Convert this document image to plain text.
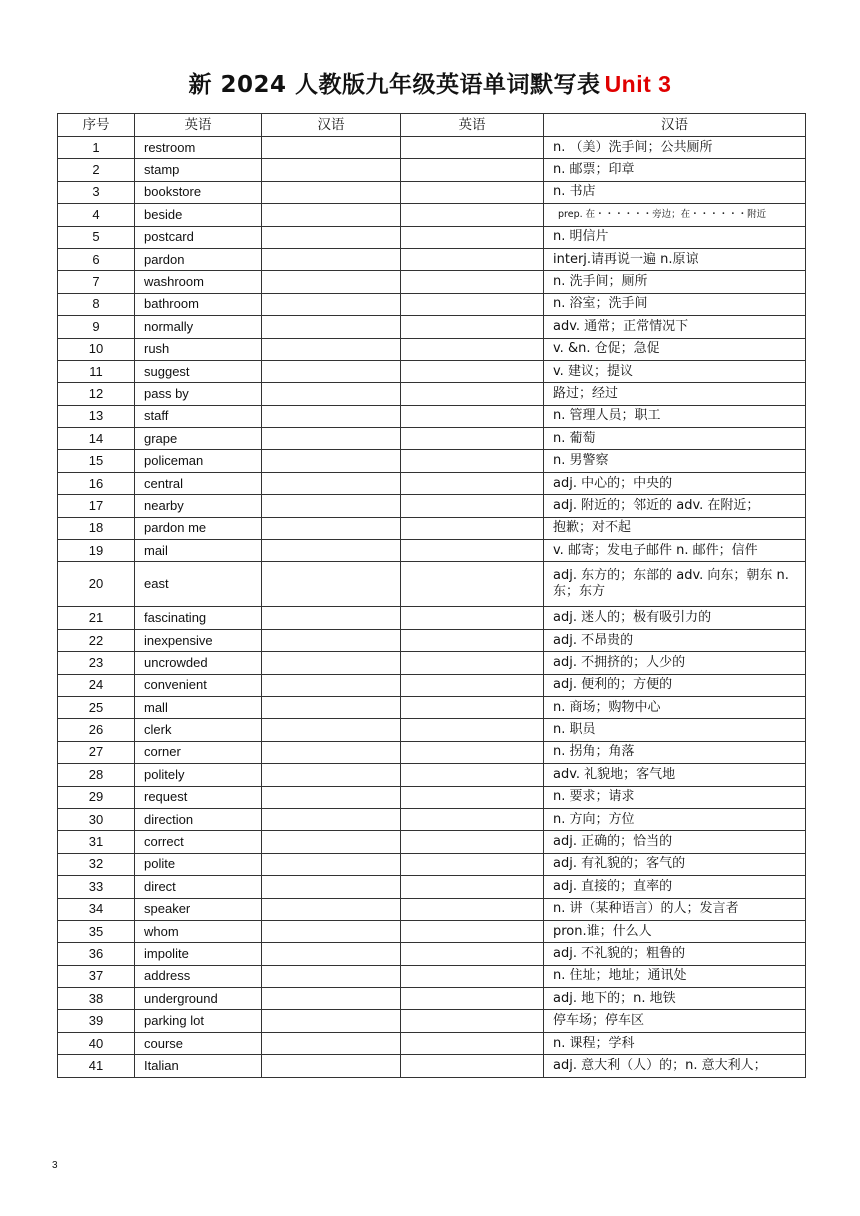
新 2024 人教版九年级英语单词默写表 Unit 3
序号	英语	汉语	英语	汉语
1	restroom			n. （美）洗手间；公共厕所
2	stamp			n. 邮票；印章
3	bookstore			n. 书店
4	beside			prep. 在・・・・・・旁边；在・・・・・・附近
5	postcard			n. 明信片
6	pardon			interj.请再说一遍 n.原谅
7	washroom			n. 洗手间；厕所
8	bathroom			n. 浴室；洗手间
9	normally			adv. 通常；正常情况下
10	rush			v. &n. 仓促；急促
11	suggest			v. 建议；提议
12	pass by			路过；经过
13	staff			n. 管理人员；职工
14	grape			n. 葡萄
15	policeman			n. 男警察
16	central			adj. 中心的；中央的
17	nearby			adj. 附近的；邻近的 adv. 在附近；
18	pardon me			抱歉；对不起
19	mail			v. 邮寄；发电子邮件 n. 邮件；信件
20	east			adj. 东方的；东部的 adv. 向东；朝东 n. 东；东方
21	fascinating			adj. 迷人的；极有吸引力的
22	inexpensive			adj. 不昂贵的
23	uncrowded			adj. 不拥挤的；人少的
24	convenient			adj. 便利的；方便的
25	mall			n. 商场；购物中心
26	clerk			n. 职员
27	corner			n. 拐角；角落
28	politely			adv. 礼貌地；客气地
29	request			n. 要求；请求
30	direction			n. 方向；方位
31	correct			adj. 正确的；恰当的
32	polite			adj. 有礼貌的；客气的
33	direct			adj. 直接的；直率的
34	speaker			n. 讲（某种语言）的人；发言者
35	whom			pron.谁；什么人
36	impolite			adj. 不礼貌的；粗鲁的
37	address			n. 住址；地址；通讯处
38	underground			adj. 地下的；n. 地铁
39	parking lot			停车场；停车区
40	course			n. 课程；学科
41	Italian			adj. 意大利（人）的；n. 意大利人；
3
